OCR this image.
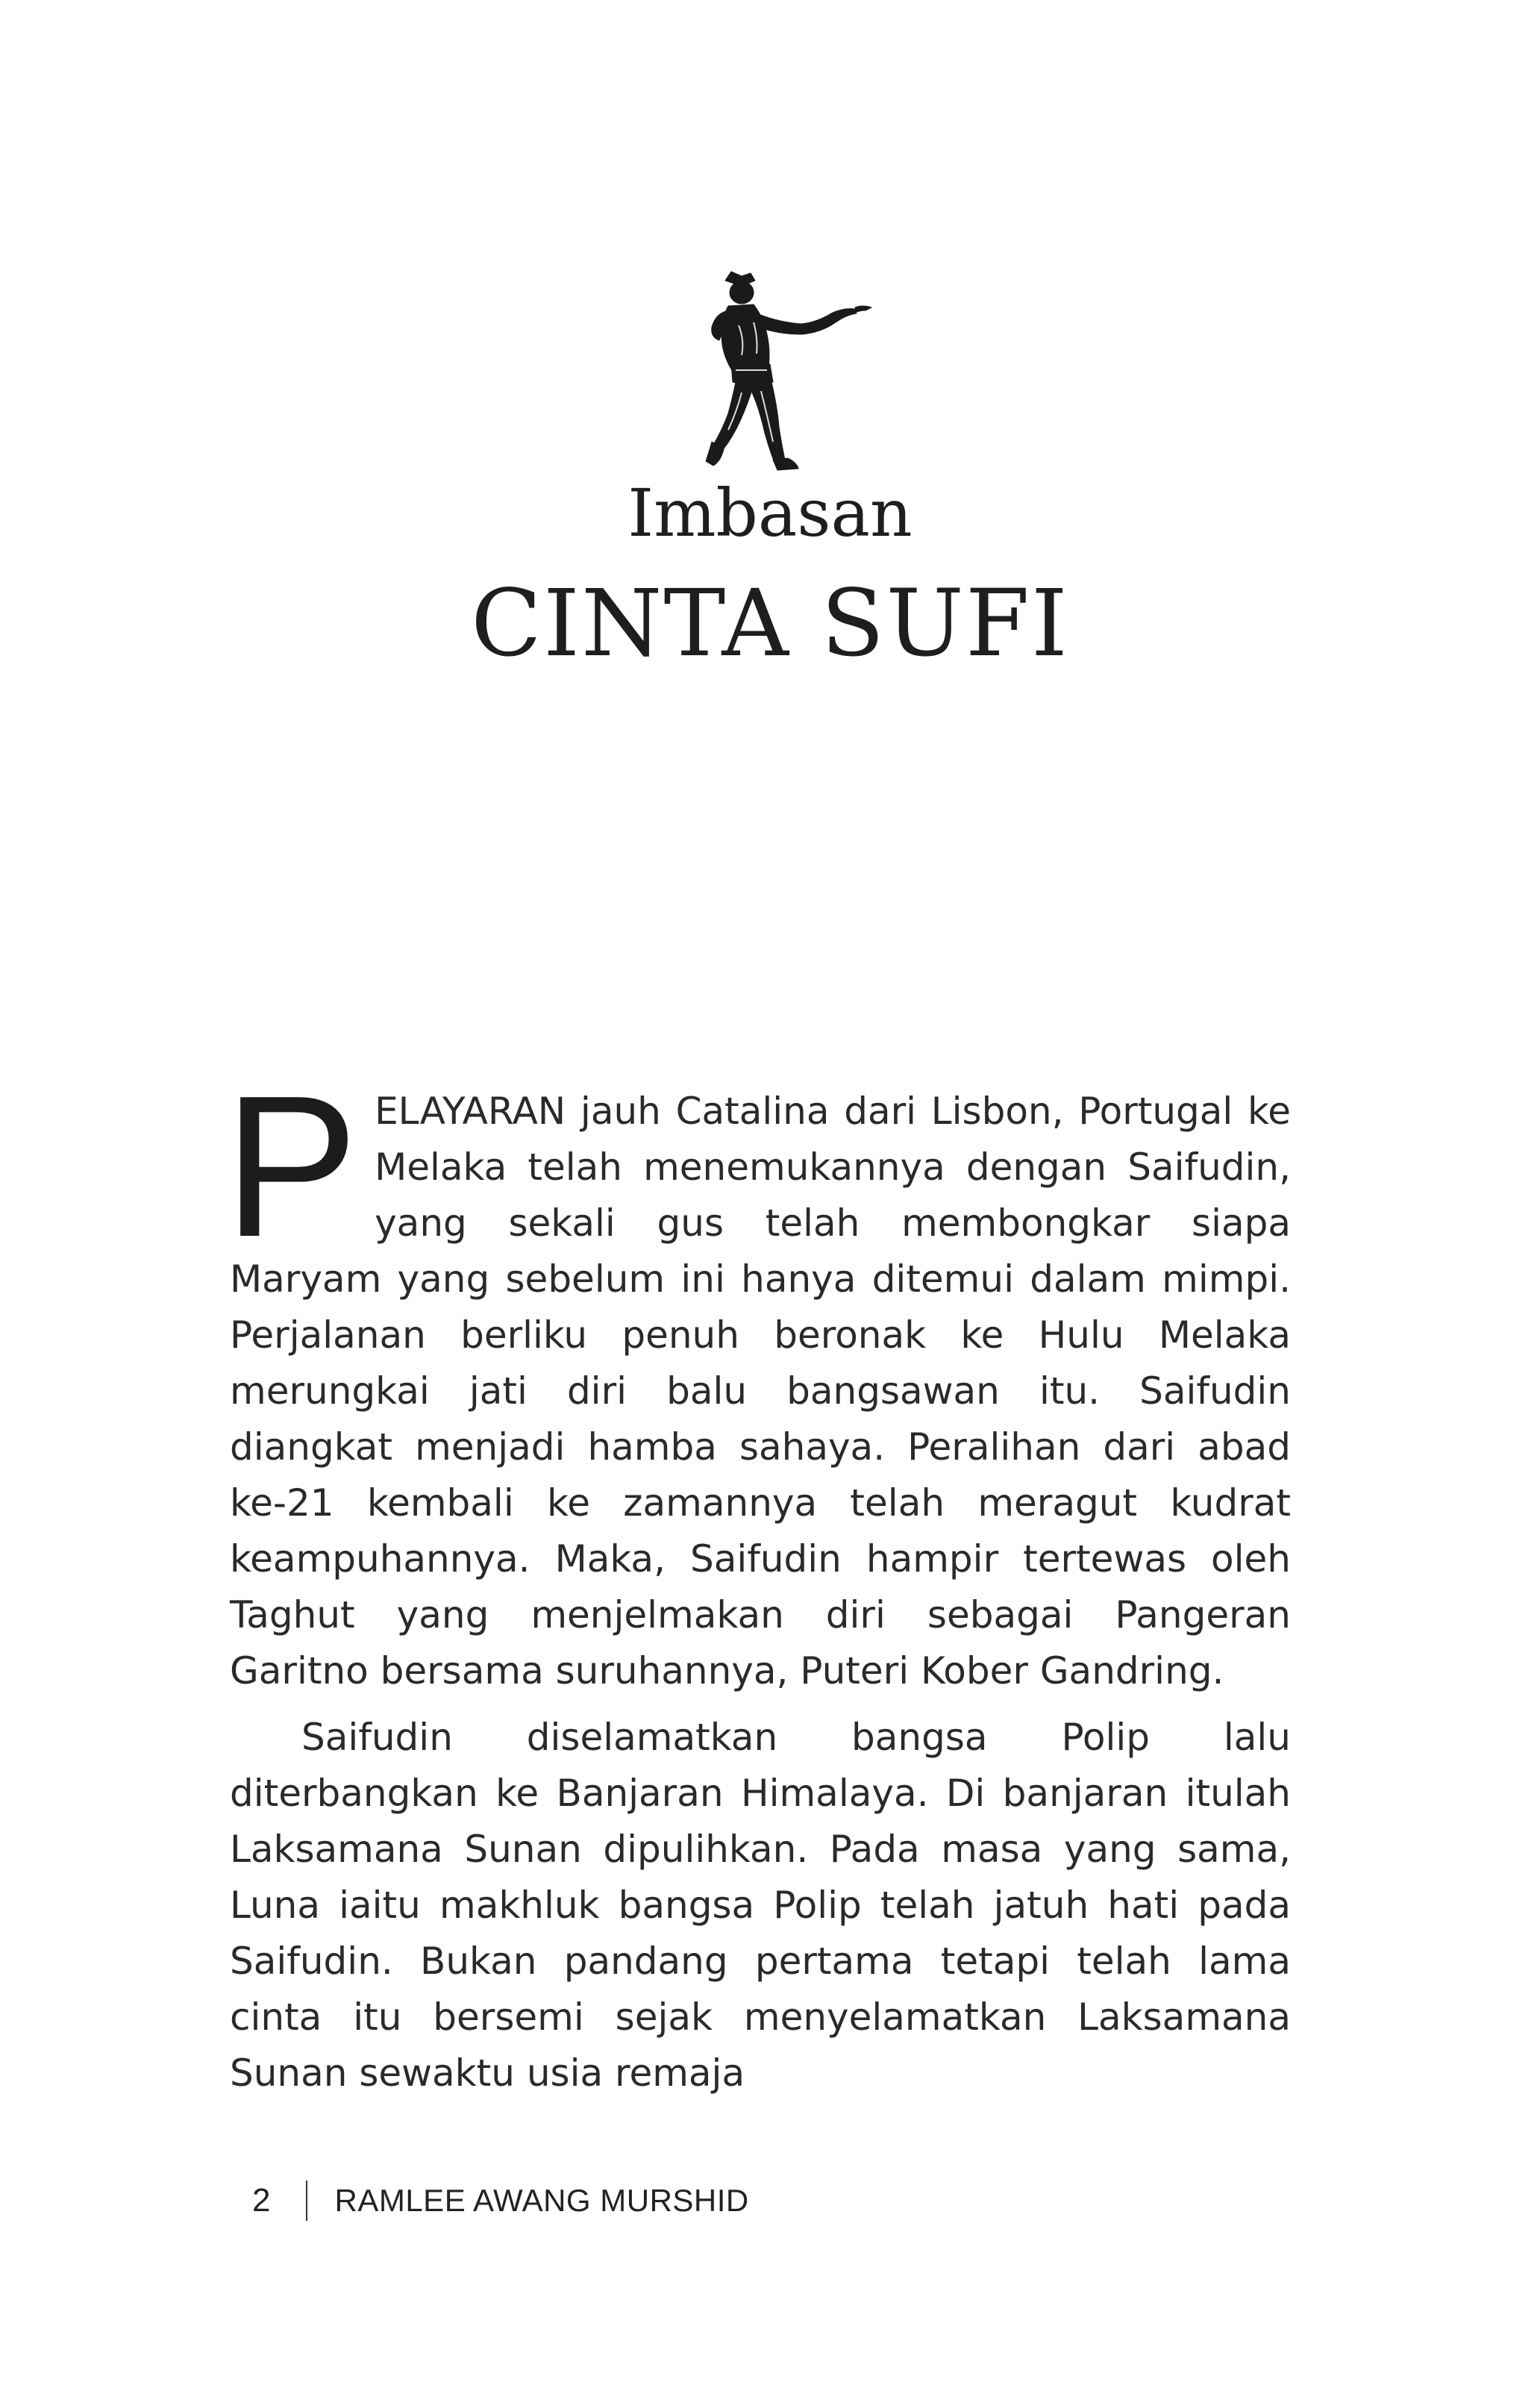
Imbasan
CINTA SUFI

PELAYARAN jauh Catalina dari Lisbon, Portugal ke Melaka telah menemukannya dengan Saifudin, yang sekali gus telah membongkar siapa Maryam yang sebelum ini hanya ditemui dalam mimpi. Perjalanan berliku penuh beronak ke Hulu Melaka merungkai jati diri balu bangsawan itu. Saifudin diangkat menjadi hamba sahaya. Peralihan dari abad ke-21 kembali ke zamannya telah meragut kudrat keampuhannya. Maka, Saifudin hampir tertewas oleh Taghut yang menjelmakan diri sebagai Pangeran Garitno bersama suruhannya, Puteri Kober Gandring.

Saifudin diselamatkan bangsa Polip lalu diterbangkan ke Banjaran Himalaya. Di banjaran itulah Laksamana Sunan dipulihkan. Pada masa yang sama, Luna iaitu makhluk bangsa Polip telah jatuh hati pada Saifudin. Bukan pandang pertama tetapi telah lama cinta itu bersemi sejak menyelamatkan Laksamana Sunan sewaktu usia remaja

2 RAMLEE AWANG MURSHID
